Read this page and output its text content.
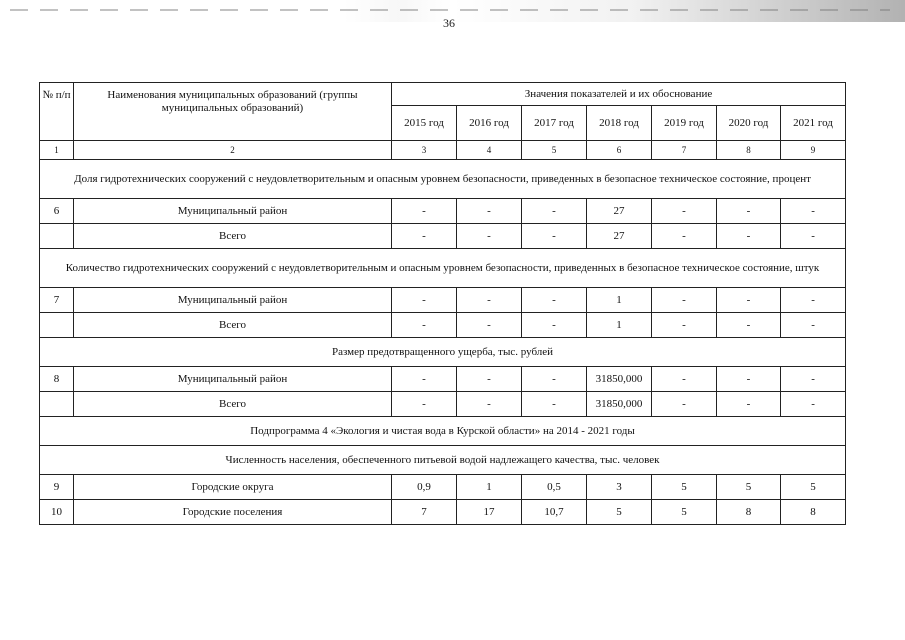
36
№ п/п	Наименования муниципальных образований (группы муниципальных образований)	Значения показателей и их обоснование						
		2015 год	2016 год	2017 год	2018 год	2019 год	2020 год	2021 год
1	2	3	4	5	6	7	8	9
Доля гидротехнических сооружений с неудовлетворительным и опасным уровнем безопасности, приведенных в безопасное техническое состояние, процент								
6	Муниципальный район	-	-	-	27	-	-	-
	Всего	-	-	-	27	-	-	-
Количество гидротехнических сооружений с неудовлетворительным и опасным уровнем безопасности, приведенных в безопасное техническое состояние, штук								
7	Муниципальный район	-	-	-	1	-	-	-
	Всего	-	-	-	1	-	-	-
Размер предотвращенного ущерба, тыс. рублей								
8	Муниципальный район	-	-	-	31850,000	-	-	-
	Всего	-	-	-	31850,000	-	-	-
Подпрограмма 4 «Экология и чистая вода в Курской области» на 2014 - 2021 годы								
Численность населения, обеспеченного питьевой водой надлежащего качества, тыс. человек								
9	Городские округа	0,9	1	0,5	3	5	5	5
10	Городские поселения	7	17	10,7	5	5	8	8
